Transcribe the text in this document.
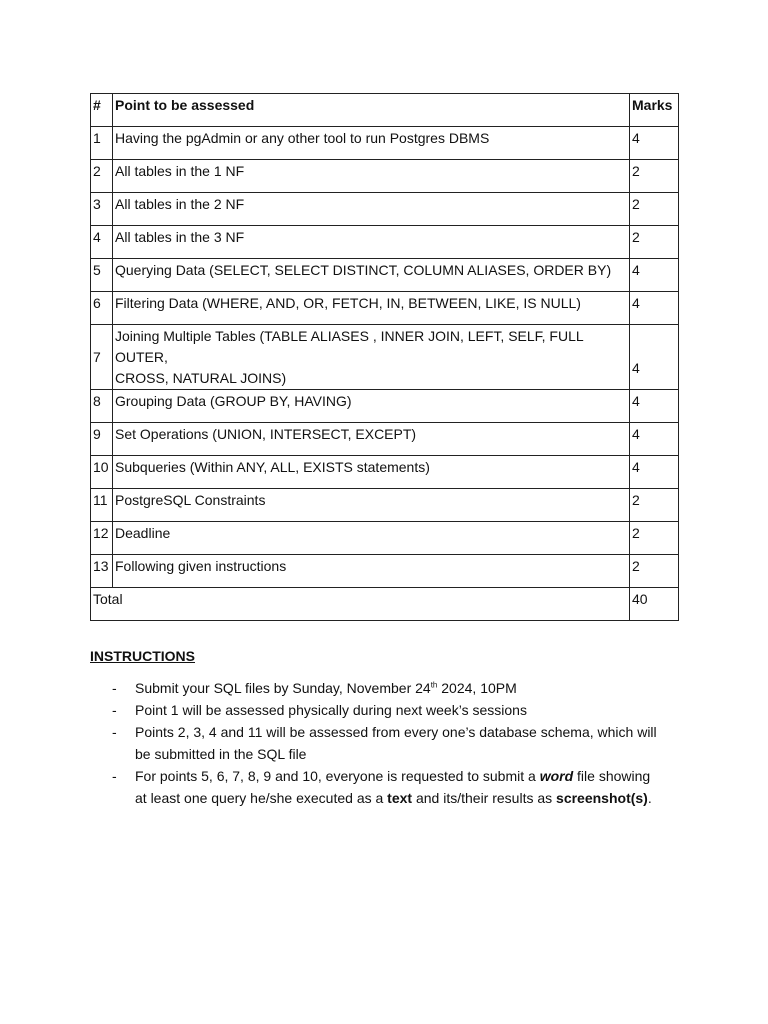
#	Point to be assessed	Marks
1	Having the pgAdmin or any other tool to run Postgres DBMS	4
2	All tables in the 1 NF	2
3	All tables in the 2 NF	2
4	All tables in the 3 NF	2
5	Querying Data (SELECT, SELECT DISTINCT, COLUMN ALIASES, ORDER BY)	4
6	Filtering Data (WHERE, AND, OR, FETCH, IN, BETWEEN, LIKE, IS NULL)	4
7	Joining Multiple Tables (TABLE ALIASES , INNER JOIN, LEFT, SELF, FULL OUTER,
CROSS, NATURAL JOINS)	4
8	Grouping Data (GROUP BY, HAVING)	4
9	Set Operations (UNION, INTERSECT, EXCEPT)	4
10	Subqueries (Within ANY, ALL, EXISTS statements)	4
11	PostgreSQL Constraints	2
12	Deadline	2
13	Following given instructions	2
Total		40
INSTRUCTIONS
- Submit your SQL files by Sunday, November 24th 2024, 10PM
- Point 1 will be assessed physically during next week’s sessions
- Points 2, 3, 4 and 11 will be assessed from every one’s database schema, which will
be submitted in the SQL file
- For points 5, 6, 7, 8, 9 and 10, everyone is requested to submit a word file showing
at least one query he/she executed as a text and its/their results as screenshot(s).
